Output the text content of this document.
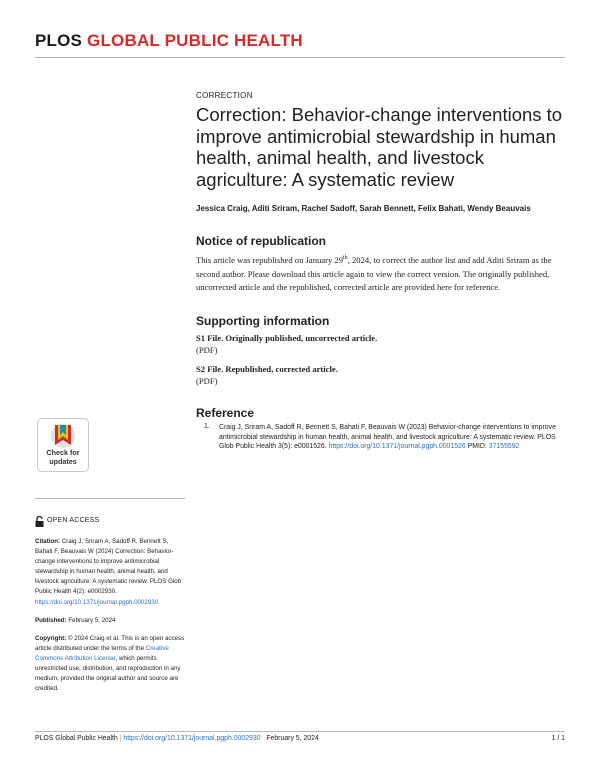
PLOS GLOBAL PUBLIC HEALTH
CORRECTION
Correction: Behavior-change interventions to improve antimicrobial stewardship in human health, animal health, and livestock agriculture: A systematic review
Jessica Craig, Aditi Sriram, Rachel Sadoff, Sarah Bennett, Felix Bahati, Wendy Beauvais
Notice of republication
This article was republished on January 29th, 2024, to correct the author list and add Aditi Sriram as the second author. Please download this article again to view the correct version. The originally published, uncorrected article and the republished, corrected article are provided here for reference.
Supporting information
S1 File. Originally published, uncorrected article.
(PDF)
S2 File. Republished, corrected article.
(PDF)
Reference
1. Craig J, Sriram A, Sadoff R, Bennett S, Bahati F, Beauvais W (2023) Behavior-change interventions to improve antimicrobial stewardship in human health, animal health, and livestock agriculture: A systematic review. PLOS Glob Public Health 3(5): e0001526. https://doi.org/10.1371/journal.pgph.0001526 PMID: 37155592
Check for
updates
OPEN ACCESS
Citation: Craig J, Sriram A, Sadoff R, Bennett S, Bahati F, Beauvais W (2024) Correction: Behavior-change interventions to improve antimicrobial stewardship in human health, animal health, and livestock agriculture: A systematic review. PLOS Glob Public Health 4(2): e0002930. https://doi.org/10.1371/journal.pgph.0002930
Published: February 5, 2024
Copyright: © 2024 Craig et al. This is an open access article distributed under the terms of the Creative Commons Attribution License, which permits unrestricted use, distribution, and reproduction in any medium, provided the original author and source are credited.
PLOS Global Public Health | https://doi.org/10.1371/journal.pgph.0002930 February 5, 2024	1 / 1
